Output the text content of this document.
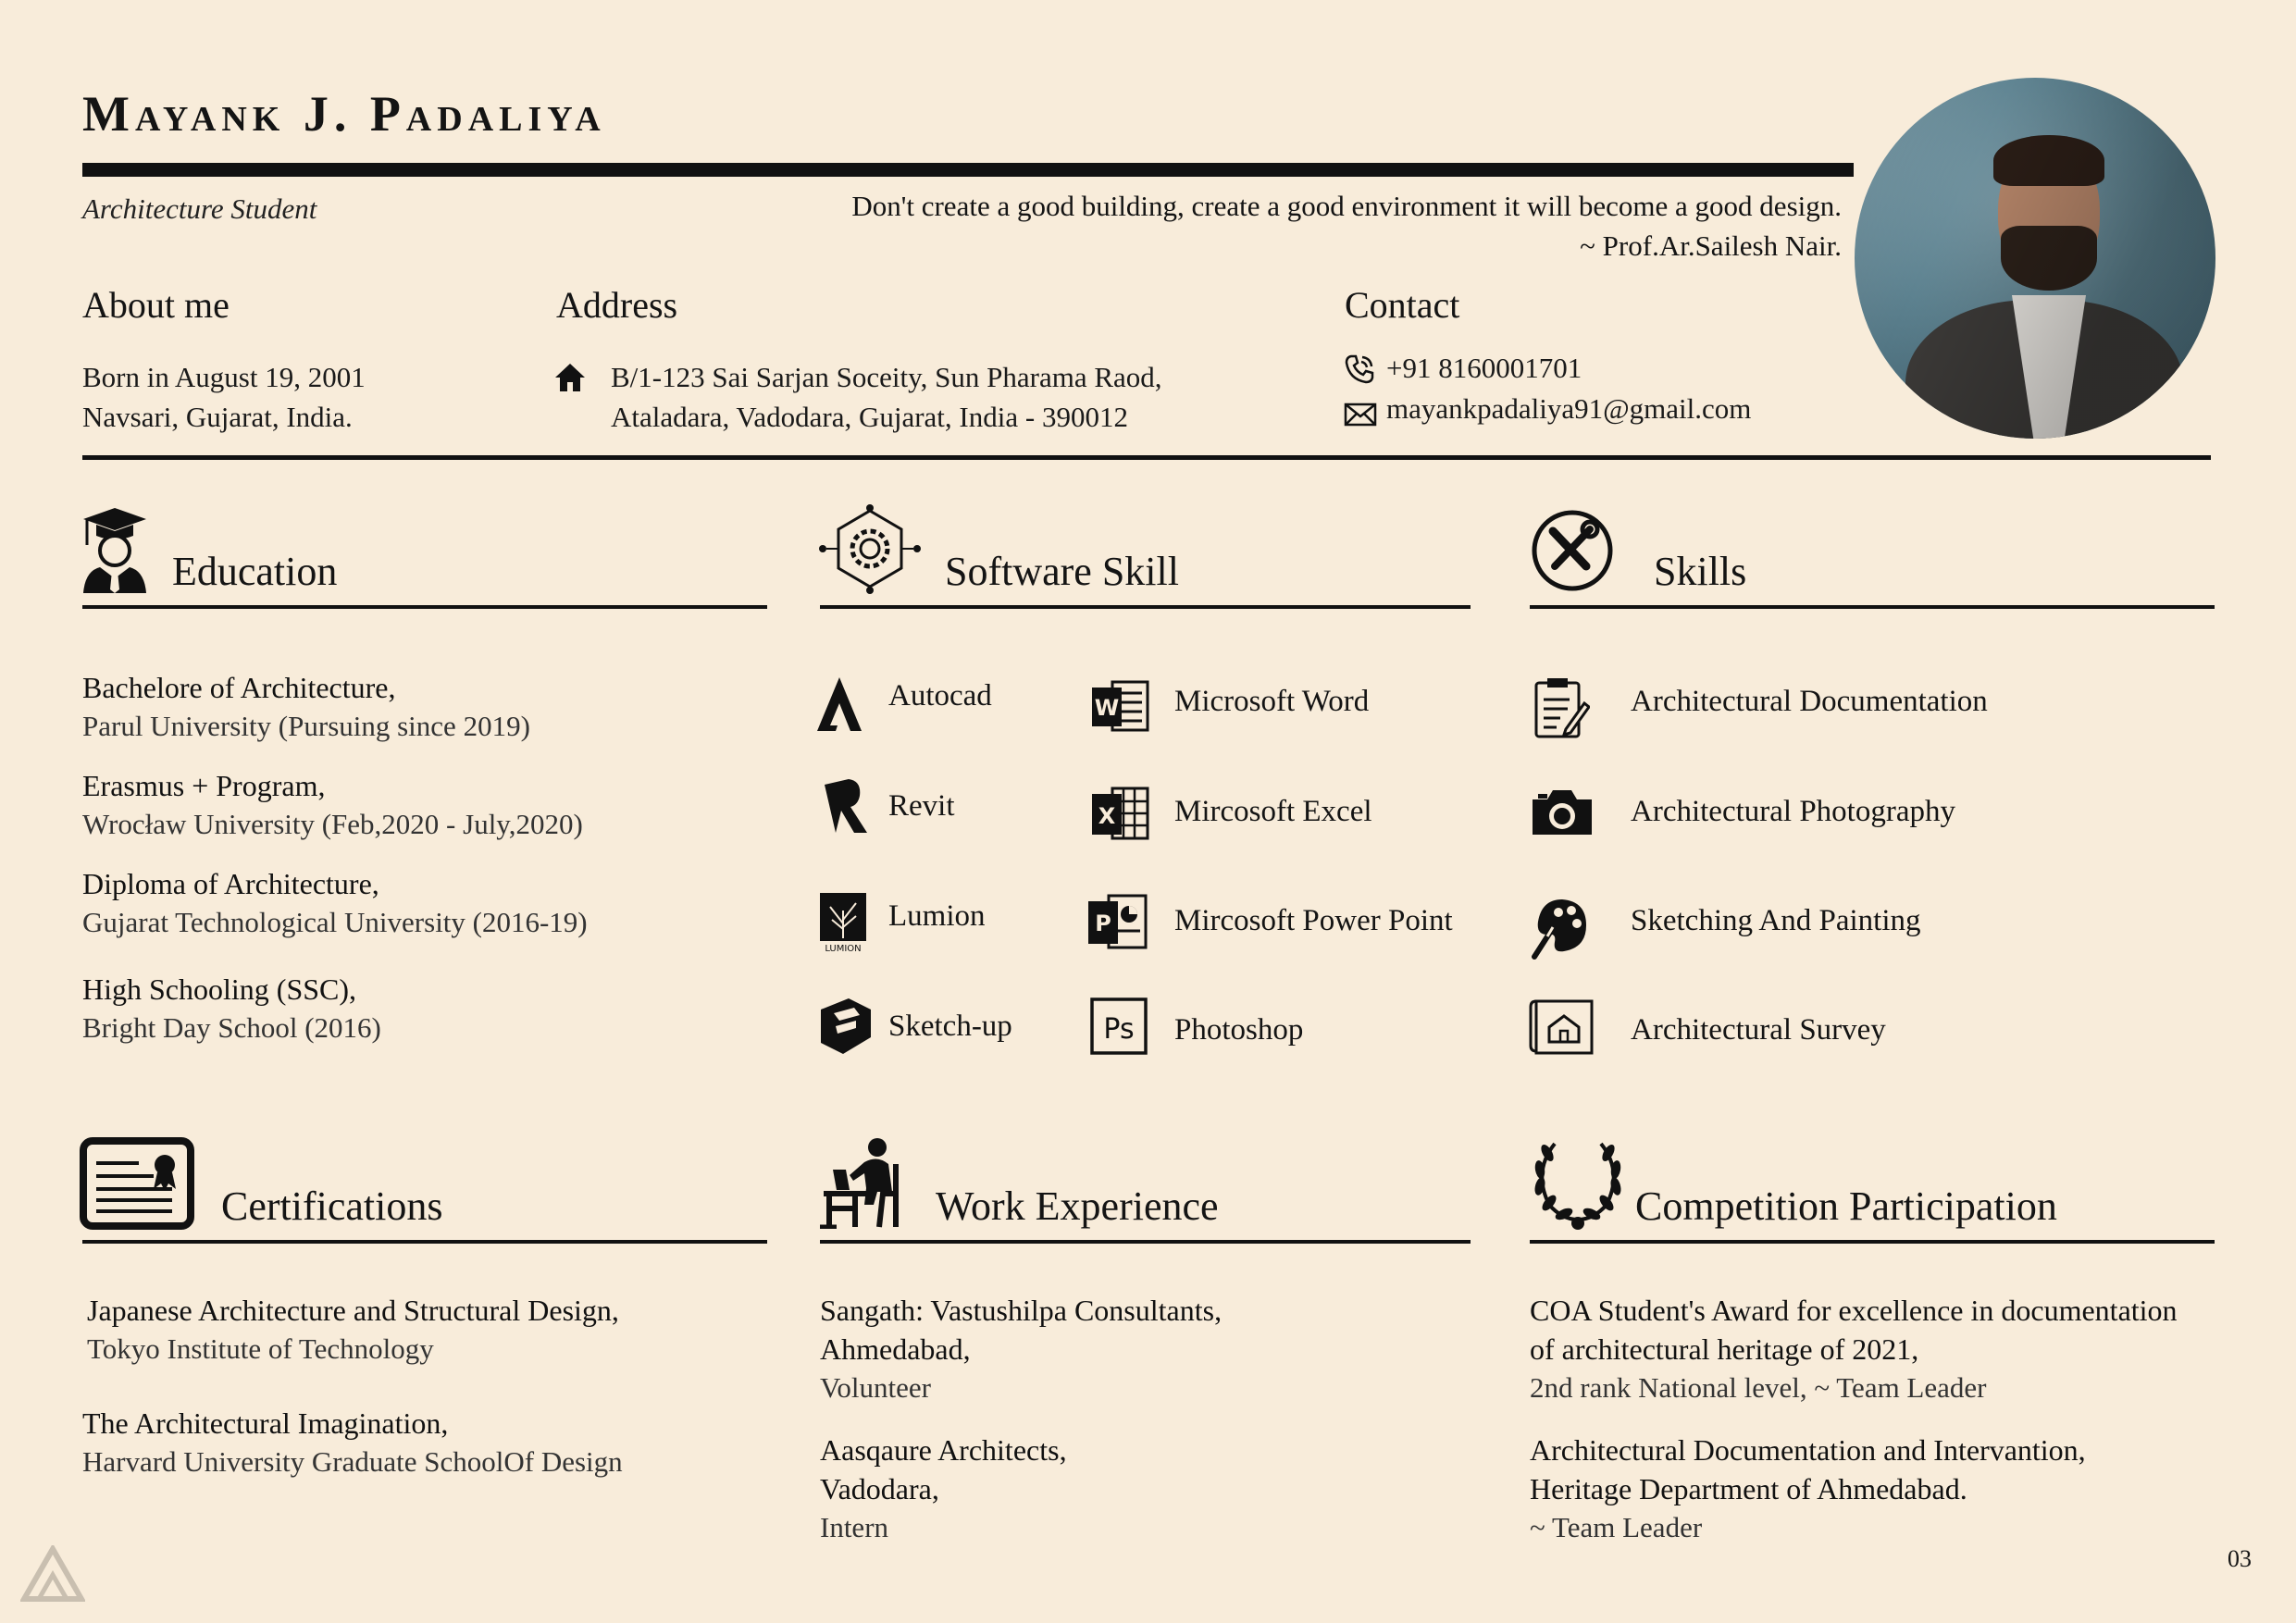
Mayank J. Padaliya
Architecture Student	Don't create a good building, create a good environment it will become a good design.
~ Prof.Ar.Sailesh Nair.
About me
Born in August 19, 2001
Navsari, Gujarat, India.
Address
B/1-123 Sai Sarjan Soceity, Sun Pharama Raod,
Ataladara, Vadodara, Gujarat, India - 390012
Contact
+91 8160001701
mayankpadaliya91@gmail.com
Education
Bachelore of Architecture,
Parul University (Pursuing since 2019)
Erasmus + Program,
Wrocław University (Feb,2020 - July,2020)
Diploma of Architecture,
Gujarat Technological University (2016-19)
High Schooling (SSC),
Bright Day School (2016)
Software Skill
Autocad
Revit
LUMION
Lumion
Sketch-up
W Microsoft Word
X Mircosoft Excel
P Mircosoft Power Point
Ps Photoshop
Skills
Architectural Documentation
Architectural Photography
Sketching And Painting
Architectural Survey
Certifications
Japanese Architecture and Structural Design,
Tokyo Institute of Technology
The Architectural Imagination,
Harvard University Graduate SchoolOf Design
Work Experience
Sangath: Vastushilpa Consultants,
Ahmedabad,
Volunteer
Aasqaure Architects,
Vadodara,
Intern
Competition Participation
COA Student's Award for excellence in documentation
of architectural heritage of 2021,
2nd rank National level, ~ Team Leader
Architectural Documentation and Intervantion,
Heritage Department of Ahmedabad.
~ Team Leader
03
